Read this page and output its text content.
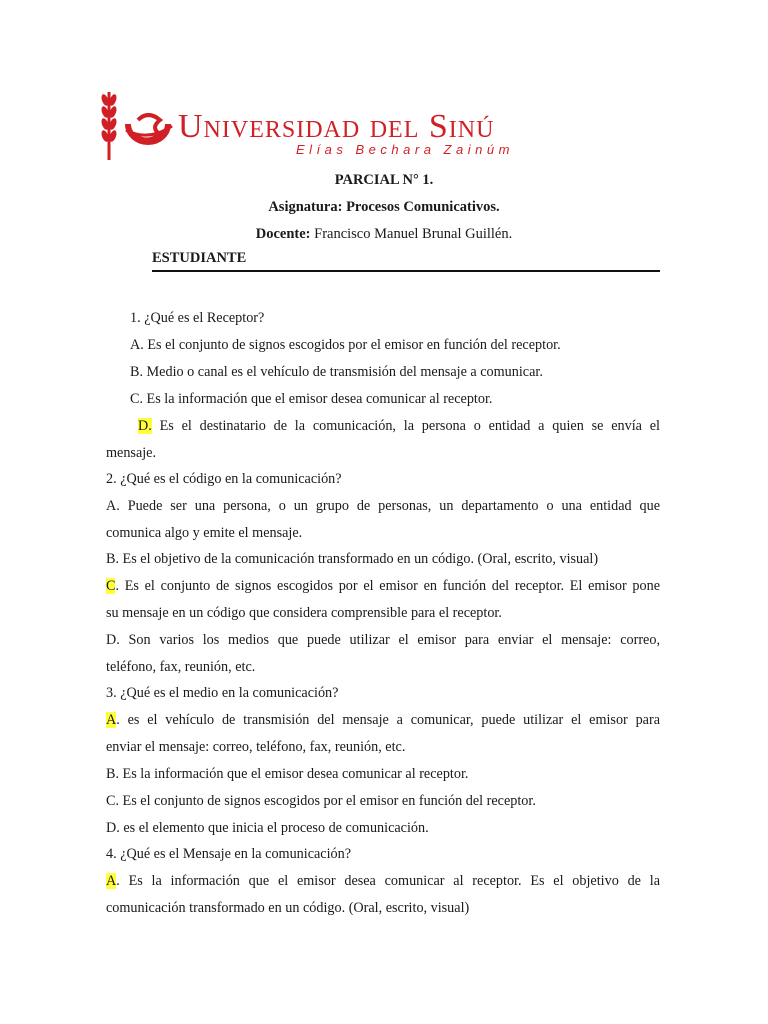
Universidad del Sinú
Elías Bechara Zainúm
PARCIAL N° 1.
Asignatura: Procesos Comunicativos.
Docente: Francisco Manuel Brunal Guillén.
ESTUDIANTE
1. ¿Qué es el Receptor?
A. Es el conjunto de signos escogidos por el emisor en función del receptor.
B. Medio o canal es el vehículo de transmisión del mensaje a comunicar.
C. Es la información que el emisor desea comunicar al receptor.
D. Es el destinatario de la comunicación, la persona o entidad a quien se envía el
mensaje.
2. ¿Qué es el código en la comunicación?
A. Puede ser una persona, o un grupo de personas, un departamento o una entidad que
comunica algo y emite el mensaje.
B. Es el objetivo de la comunicación transformado en un código. (Oral, escrito, visual)
C. Es el conjunto de signos escogidos por el emisor en función del receptor. El emisor pone
su mensaje en un código que considera comprensible para el receptor.
D. Son varios los medios que puede utilizar el emisor para enviar el mensaje: correo,
teléfono, fax, reunión, etc.
3. ¿Qué es el medio en la comunicación?
A. es el vehículo de transmisión del mensaje a comunicar, puede utilizar el emisor para
enviar el mensaje: correo, teléfono, fax, reunión, etc.
B. Es la información que el emisor desea comunicar al receptor.
C. Es el conjunto de signos escogidos por el emisor en función del receptor.
D. es el elemento que inicia el proceso de comunicación.
4. ¿Qué es el Mensaje en la comunicación?
A. Es la información que el emisor desea comunicar al receptor. Es el objetivo de la
comunicación transformado en un código. (Oral, escrito, visual)
